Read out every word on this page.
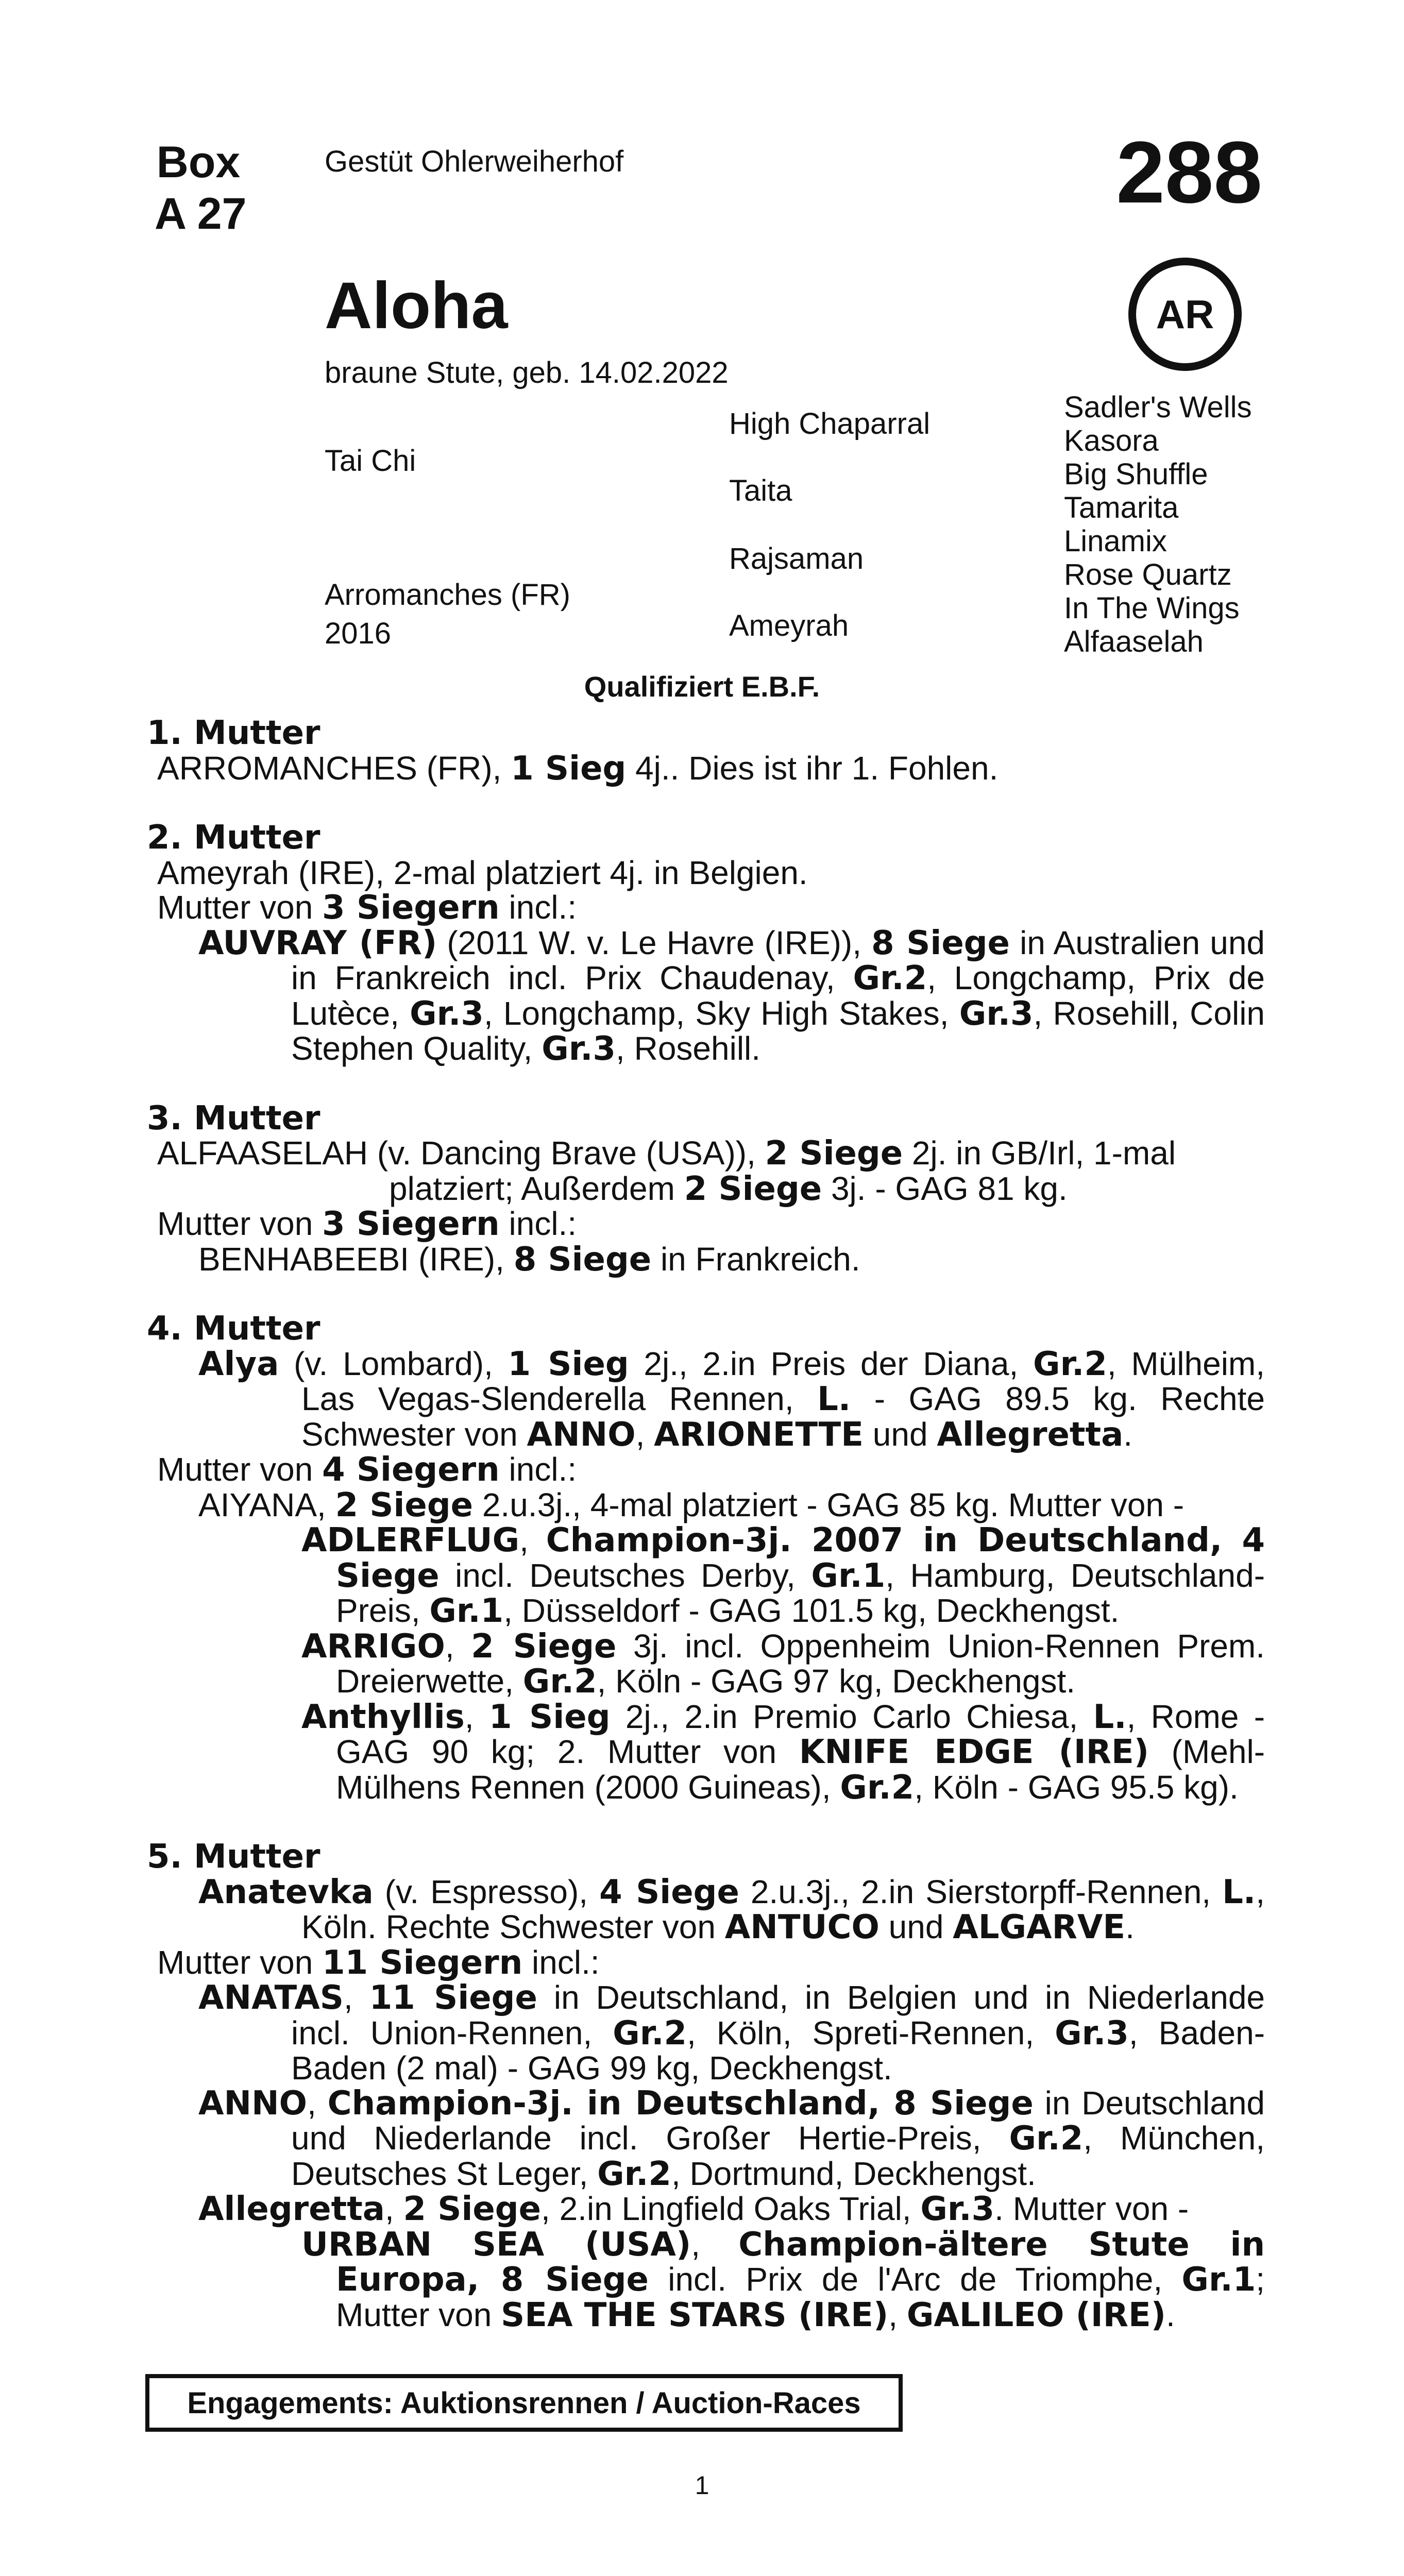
Box
A 27
Gestüt Ohlerweiherhof	288
AR
Aloha
braune Stute, geb. 14.02.2022
Tai Chi
Arromanches (FR)
2016
High Chaparral
Taita
Rajsaman
Ameyrah
Sadler's Wells
Kasora
Big Shuffle
Tamarita
Linamix
Rose Quartz
In The Wings
Alfaaselah
Qualifiziert E.B.F.
1. Mutter
ARROMANCHES (FR), 1 Sieg 4j.. Dies ist ihr 1. Fohlen.
2. Mutter
Ameyrah (IRE), 2-mal platziert 4j. in Belgien.
Mutter von 3 Siegern incl.:
AUVRAY (FR) (2011 W. v. Le Havre (IRE)), 8 Siege in Australien und in Frankreich incl. Prix Chaudenay, Gr.2, Longchamp, Prix de Lutèce, Gr.3, Longchamp, Sky High Stakes, Gr.3, Rosehill, Colin Stephen Quality, Gr.3, Rosehill.
3. Mutter
ALFAASELAH (v. Dancing Brave (USA)), 2 Siege 2j. in GB/Irl, 1-mal platziert; Außerdem 2 Siege 3j. - GAG 81 kg.
Mutter von 3 Siegern incl.:
BENHABEEBI (IRE), 8 Siege in Frankreich.
4. Mutter
Alya (v. Lombard), 1 Sieg 2j., 2.in Preis der Diana, Gr.2, Mülheim, Las Vegas-Slenderella Rennen, L. - GAG 89.5 kg. Rechte Schwester von ANNO, ARIONETTE und Allegretta.
Mutter von 4 Siegern incl.:
AIYANA, 2 Siege 2.u.3j., 4-mal platziert - GAG 85 kg. Mutter von -
ADLERFLUG, Champion-3j. 2007 in Deutschland, 4 Siege incl. Deutsches Derby, Gr.1, Hamburg, Deutschland-Preis, Gr.1, Düsseldorf - GAG 101.5 kg, Deckhengst.
ARRIGO, 2 Siege 3j. incl. Oppenheim Union-Rennen Prem. Dreierwette, Gr.2, Köln - GAG 97 kg, Deckhengst.
Anthyllis, 1 Sieg 2j., 2.in Premio Carlo Chiesa, L., Rome - GAG 90 kg; 2. Mutter von KNIFE EDGE (IRE) (Mehl-Mülhens Rennen (2000 Guineas), Gr.2, Köln - GAG 95.5 kg).
5. Mutter
Anatevka (v. Espresso), 4 Siege 2.u.3j., 2.in Sierstorpff-Rennen, L., Köln. Rechte Schwester von ANTUCO und ALGARVE.
Mutter von 11 Siegern incl.:
ANATAS, 11 Siege in Deutschland, in Belgien und in Niederlande incl. Union-Rennen, Gr.2, Köln, Spreti-Rennen, Gr.3, Baden-Baden (2 mal) - GAG 99 kg, Deckhengst.
ANNO, Champion-3j. in Deutschland, 8 Siege in Deutschland und Niederlande incl. Großer Hertie-Preis, Gr.2, München, Deutsches St Leger, Gr.2, Dortmund, Deckhengst.
Allegretta, 2 Siege, 2.in Lingfield Oaks Trial, Gr.3. Mutter von -
URBAN SEA (USA), Champion-ältere Stute in Europa, 8 Siege incl. Prix de l'Arc de Triomphe, Gr.1; Mutter von SEA THE STARS (IRE), GALILEO (IRE).
Engagements: Auktionsrennen / Auction-Races
1
